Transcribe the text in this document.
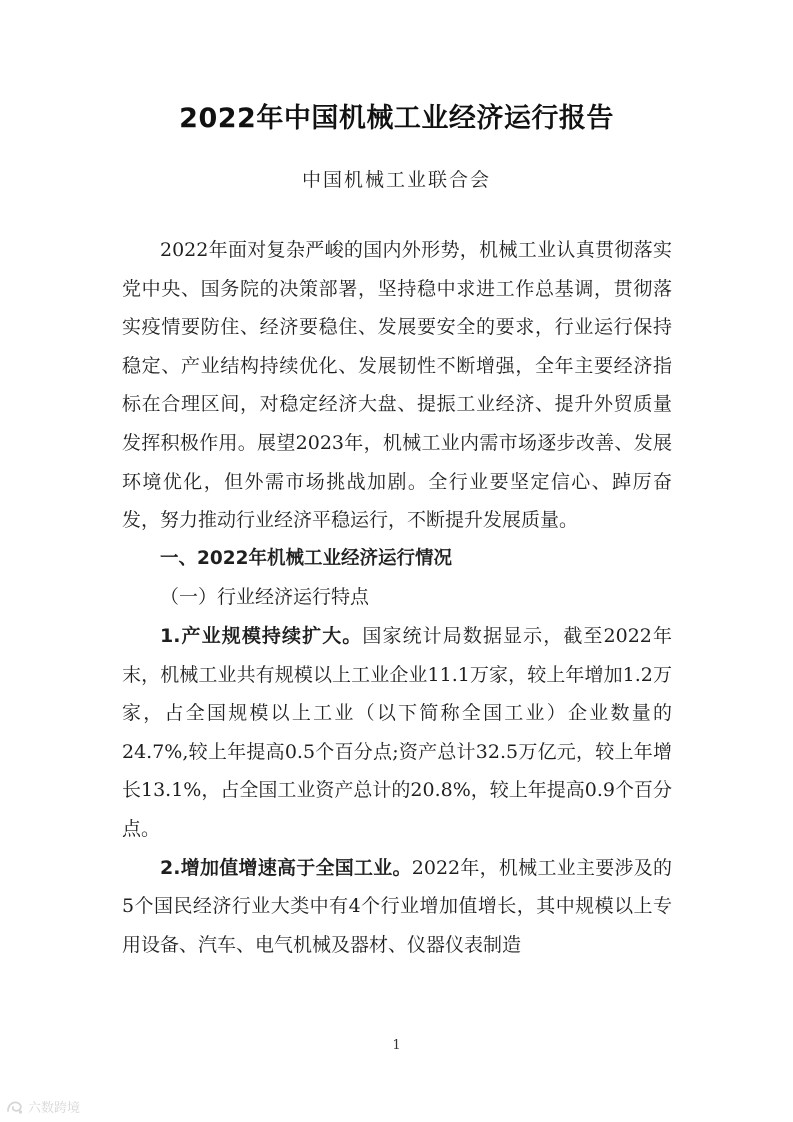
2022年中国机械工业经济运行报告
中国机械工业联合会

2022年面对复杂严峻的国内外形势，机械工业认真贯彻落实党中央、国务院的决策部署，坚持稳中求进工作总基调，贯彻落实疫情要防住、经济要稳住、发展要安全的要求，行业运行保持稳定、产业结构持续优化、发展韧性不断增强，全年主要经济指标在合理区间，对稳定经济大盘、提振工业经济、提升外贸质量发挥积极作用。展望2023年，机械工业内需市场逐步改善、发展环境优化，但外需市场挑战加剧。全行业要坚定信心、踔厉奋发，努力推动行业经济平稳运行，不断提升发展质量。

一、2022年机械工业经济运行情况

（一）行业经济运行特点

1.产业规模持续扩大。国家统计局数据显示，截至2022年末，机械工业共有规模以上工业企业11.1万家，较上年增加1.2万家，占全国规模以上工业（以下简称全国工业）企业数量的24.7%,较上年提高0.5个百分点;资产总计32.5万亿元，较上年增长13.1%，占全国工业资产总计的20.8%，较上年提高0.9个百分点。

2.增加值增速高于全国工业。2022年，机械工业主要涉及的5个国民经济行业大类中有4个行业增加值增长，其中规模以上专用设备、汽车、电气机械及器材、仪器仪表制造

1
六数跨境
